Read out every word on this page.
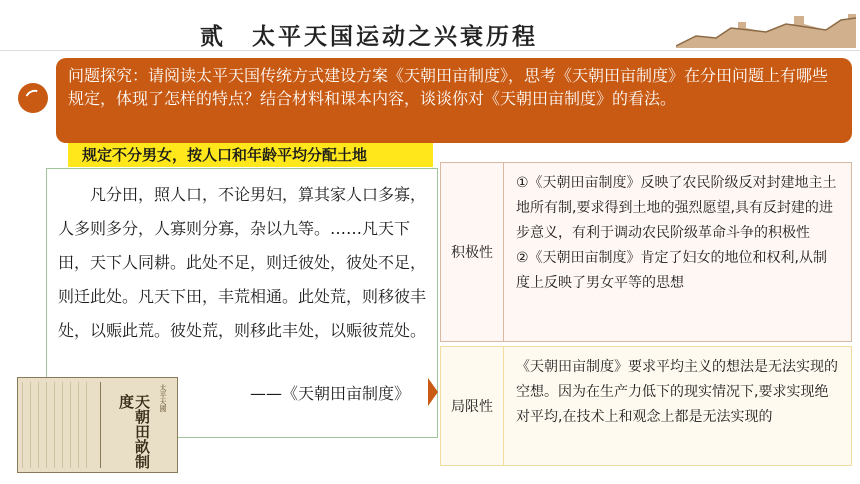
贰　太平天国运动之兴衰历程
问题探究：请阅读太平天国传统方式建设方案《天朝田亩制度》，思考《天朝田亩制度》在分田问题上有哪些规定，体现了怎样的特点？结合材料和课本内容，谈谈你对《天朝田亩制度》的看法。
规定不分男女，按人口和年龄平均分配土地
凡分田，照人口，不论男妇，算其家人口多寡，人多则多分，人寡则分寡，杂以九等。……凡天下田，天下人同耕。此处不足，则迁彼处，彼处不足，则迁此处。凡天下田，丰荒相通。此处荒，则移彼丰处，以赈此荒。彼处荒，则移此丰处，以赈彼荒处。
——《天朝田亩制度》
天朝田畝制度	太平天國
积极性

①《天朝田亩制度》反映了农民阶级反对封建地主土地所有制,要求得到土地的强烈愿望,具有反封建的进步意义，有利于调动农民阶级革命斗争的积极性

②《天朝田亩制度》肯定了妇女的地位和权利,从制度上反映了男女平等的思想

局限性

《天朝田亩制度》要求平均主义的想法是无法实现的空想。因为在生产力低下的现实情况下,要求实现绝对平均,在技术上和观念上都是无法实现的
